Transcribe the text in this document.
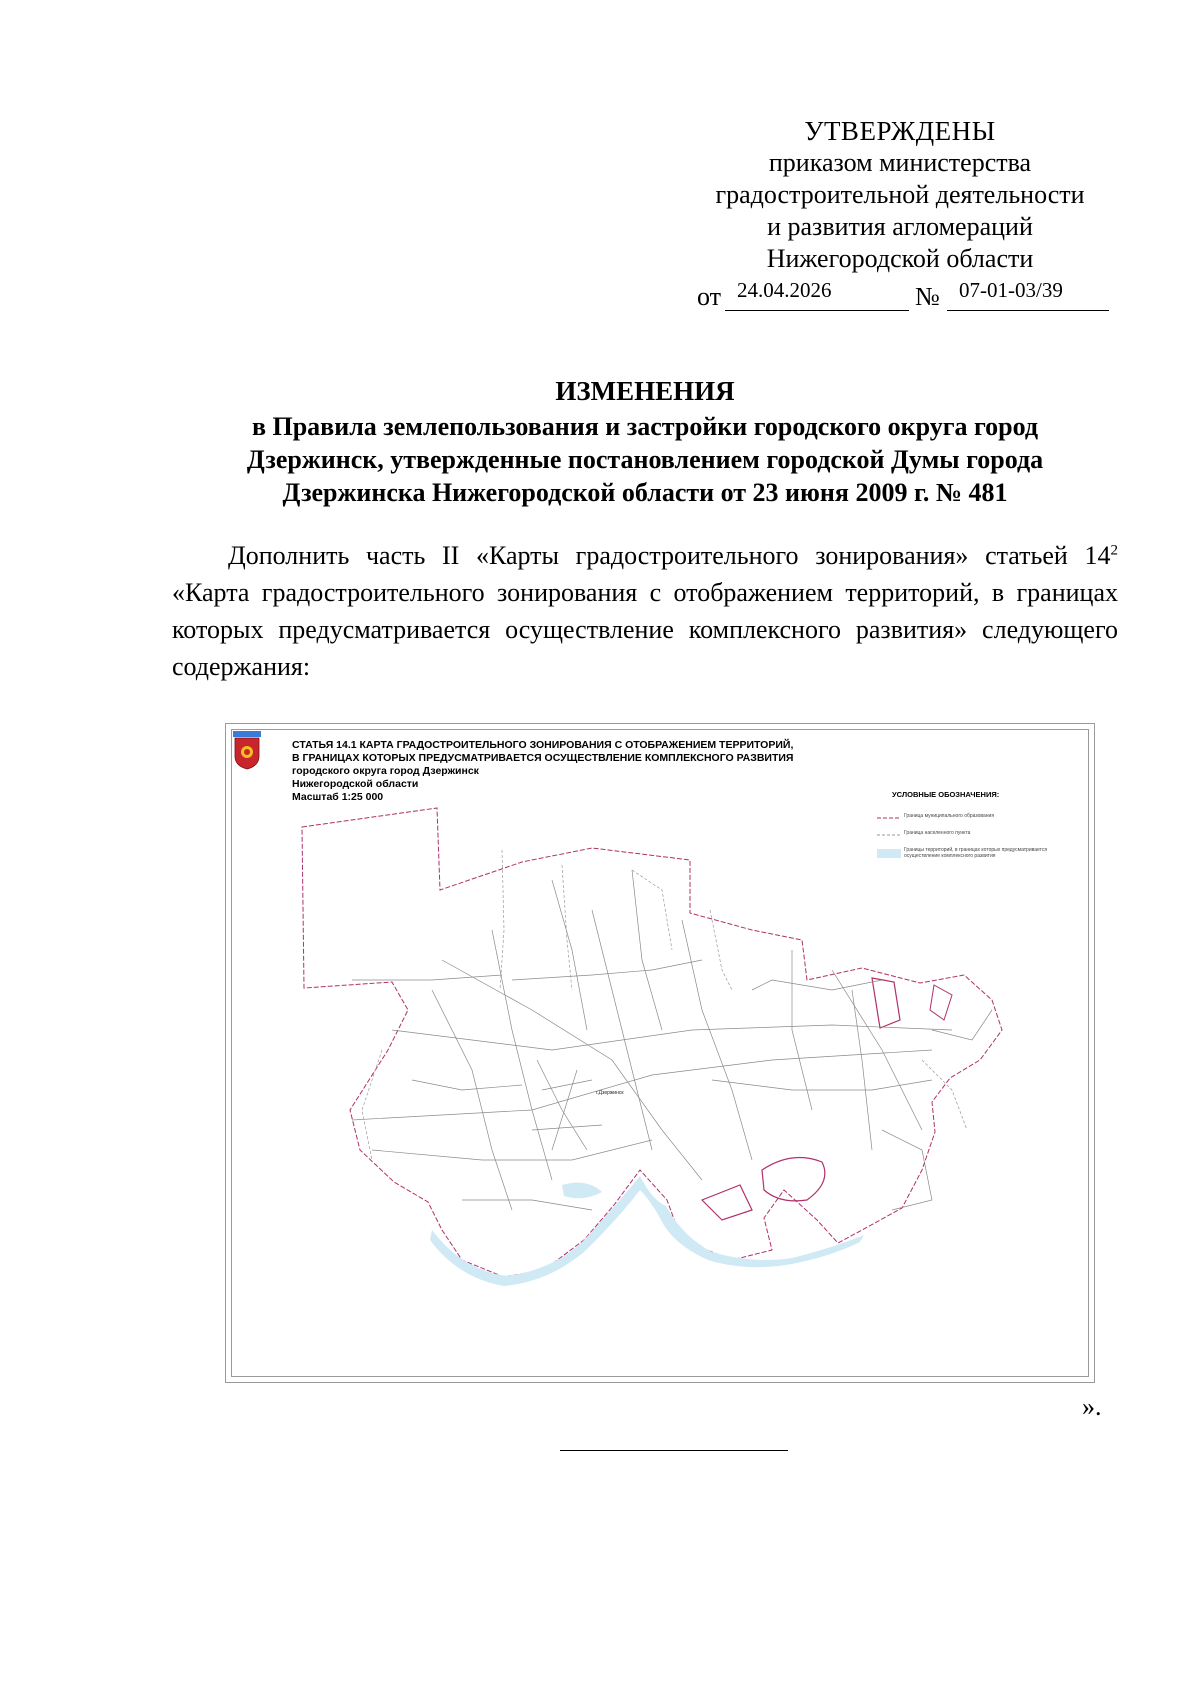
УТВЕРЖДЕНЫ
приказом министерства
градостроительной деятельности
и развития агломераций
Нижегородской области
от 24.04.2026	№ 07-01-03/39
ИЗМЕНЕНИЯ
в Правила землепользования и застройки городского округа город
Дзержинск, утвержденные постановлением городской Думы города
Дзержинска Нижегородской области от 23 июня 2009 г. № 481
Дополнить часть II «Карты градостроительного зонирования» статьей $14^2$ «Карта градостроительного зонирования с отображением территорий, в границах которых предусматривается осуществление комплексного развития» следующего содержания:
г.Дзержинск
СТАТЬЯ 14.1 КАРТА ГРАДОСТРОИТЕЛЬНОГО ЗОНИРОВАНИЯ С ОТОБРАЖЕНИЕМ ТЕРРИТОРИЙ,
В ГРАНИЦАХ КОТОРЫХ ПРЕДУСМАТРИВАЕТСЯ ОСУЩЕСТВЛЕНИЕ КОМПЛЕКСНОГО РАЗВИТИЯ
городского округа город Дзержинск
Нижегородской области
Масштаб 1:25 000	УСЛОВНЫЕ ОБОЗНАЧЕНИЯ:
Граница муниципального образования
Граница населенного пункта
Границы территорий, в границах которых предусматривается осуществление комплексного развития
».
